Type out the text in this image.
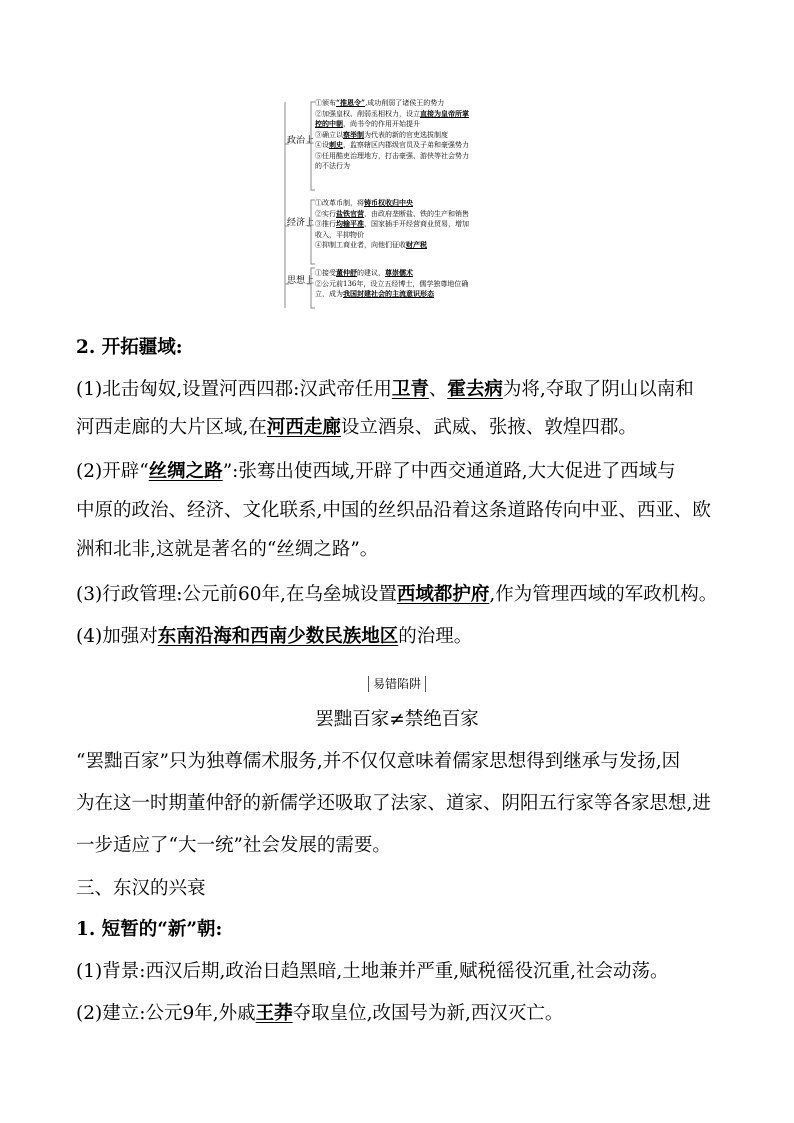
政治上
经济上
思想上
①颁布“推恩令”,成功削弱了诸侯王的势力
②加强皇权、削弱丞相权力，设立直接为皇帝所掌
控的中朝，尚书令的作用开始提升
③确立以察举制为代表的新的官吏选拔制度
④设刺史，监察辖区内郡级官员及子弟和豪强势力
⑤任用酷吏治理地方，打击豪强、游侠等社会势力
的不法行为
①改革币制，将铸币权收归中央
②实行盐铁官营，由政府垄断盐、铁的生产和销售
③推行均输平准，国家插手开经营商业贸易，增加
收入，平抑物价
④抑制工商业者，向他们征收财产税
①接受董仲舒的建议，尊崇儒术
②公元前136年，设立五经博士，儒学独尊地位确
立，成为我国封建社会的主流意识形态
2. 开拓疆域:
(1)北击匈奴,设置河西四郡:汉武帝任用卫青、霍去病为将,夺取了阴山以南和
河西走廊的大片区域,在河西走廊设立酒泉、武威、张掖、敦煌四郡。
(2)开辟“丝绸之路”:张骞出使西域,开辟了中西交通道路,大大促进了西域与
中原的政治、经济、文化联系,中国的丝织品沿着这条道路传向中亚、西亚、欧
洲和北非,这就是著名的“丝绸之路”。
(3)行政管理:公元前60年,在乌垒城设置西域都护府,作为管理西域的军政机构。
(4)加强对东南沿海和西南少数民族地区的治理。
易错陷阱
罢黜百家≠禁绝百家
“罢黜百家”只为独尊儒术服务,并不仅仅意味着儒家思想得到继承与发扬,因
为在这一时期董仲舒的新儒学还吸取了法家、道家、阴阳五行家等各家思想,进
一步适应了“大一统”社会发展的需要。
三、东汉的兴衰
1. 短暂的“新”朝:
(1)背景:西汉后期,政治日趋黑暗,土地兼并严重,赋税徭役沉重,社会动荡。
(2)建立:公元9年,外戚王莽夺取皇位,改国号为新,西汉灭亡。
